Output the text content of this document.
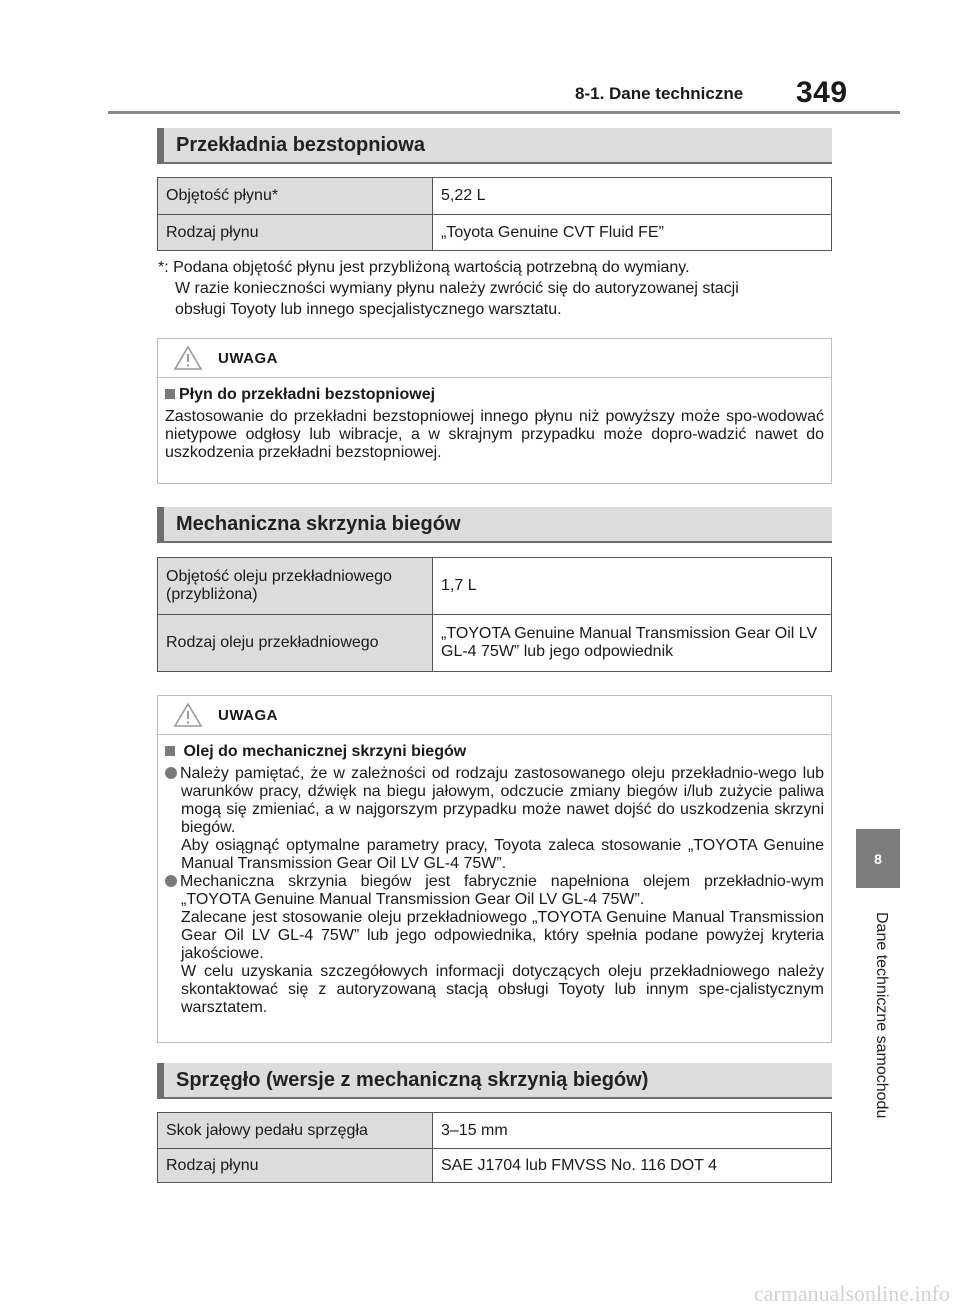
8-1. Dane techniczne 349
8
Dane techniczne samochodu
Przekładnia bezstopniowa
Objętość płynu*	5,22 L
Rodzaj płynu	„Toyota Genuine CVT Fluid FE”
*: Podana objętość płynu jest przybliżoną wartością potrzebną do wymiany.
W razie konieczności wymiany płynu należy zwrócić się do autoryzowanej stacji
obsługi Toyoty lub innego specjalistycznego warsztatu.
UWAGA
Płyn do przekładni bezstopniowej
Zastosowanie do przekładni bezstopniowej innego płynu niż powyższy może spo-wodować nietypowe odgłosy lub wibracje, a w skrajnym przypadku może dopro-wadzić nawet do uszkodzenia przekładni bezstopniowej.
Mechaniczna skrzynia biegów
Objętość oleju przekładniowego (przybliżona)	1,7 L
Rodzaj oleju przekładniowego	„TOYOTA Genuine Manual Transmission Gear Oil LV GL-4 75W” lub jego odpowiednik
UWAGA
Olej do mechanicznej skrzyni biegów
Należy pamiętać, że w zależności od rodzaju zastosowanego oleju przekładnio-wego lub warunków pracy, dźwięk na biegu jałowym, odczucie zmiany biegów i/lub zużycie paliwa mogą się zmieniać, a w najgorszym przypadku może nawet dojść do uszkodzenia skrzyni biegów.
Aby osiągnąć optymalne parametry pracy, Toyota zaleca stosowanie „TOYOTA Genuine Manual Transmission Gear Oil LV GL-4 75W”.
Mechaniczna skrzynia biegów jest fabrycznie napełniona olejem przekładnio-wym „TOYOTA Genuine Manual Transmission Gear Oil LV GL-4 75W”.
Zalecane jest stosowanie oleju przekładniowego „TOYOTA Genuine Manual Transmission Gear Oil LV GL-4 75W” lub jego odpowiednika, który spełnia podane powyżej kryteria jakościowe.
W celu uzyskania szczegółowych informacji dotyczących oleju przekładniowego należy skontaktować się z autoryzowaną stacją obsługi Toyoty lub innym spe-cjalistycznym warsztatem.
Sprzęgło (wersje z mechaniczną skrzynią biegów)
Skok jałowy pedału sprzęgła	3–15 mm
Rodzaj płynu	SAE J1704 lub FMVSS No. 116 DOT 4
carmanualsonline.info
